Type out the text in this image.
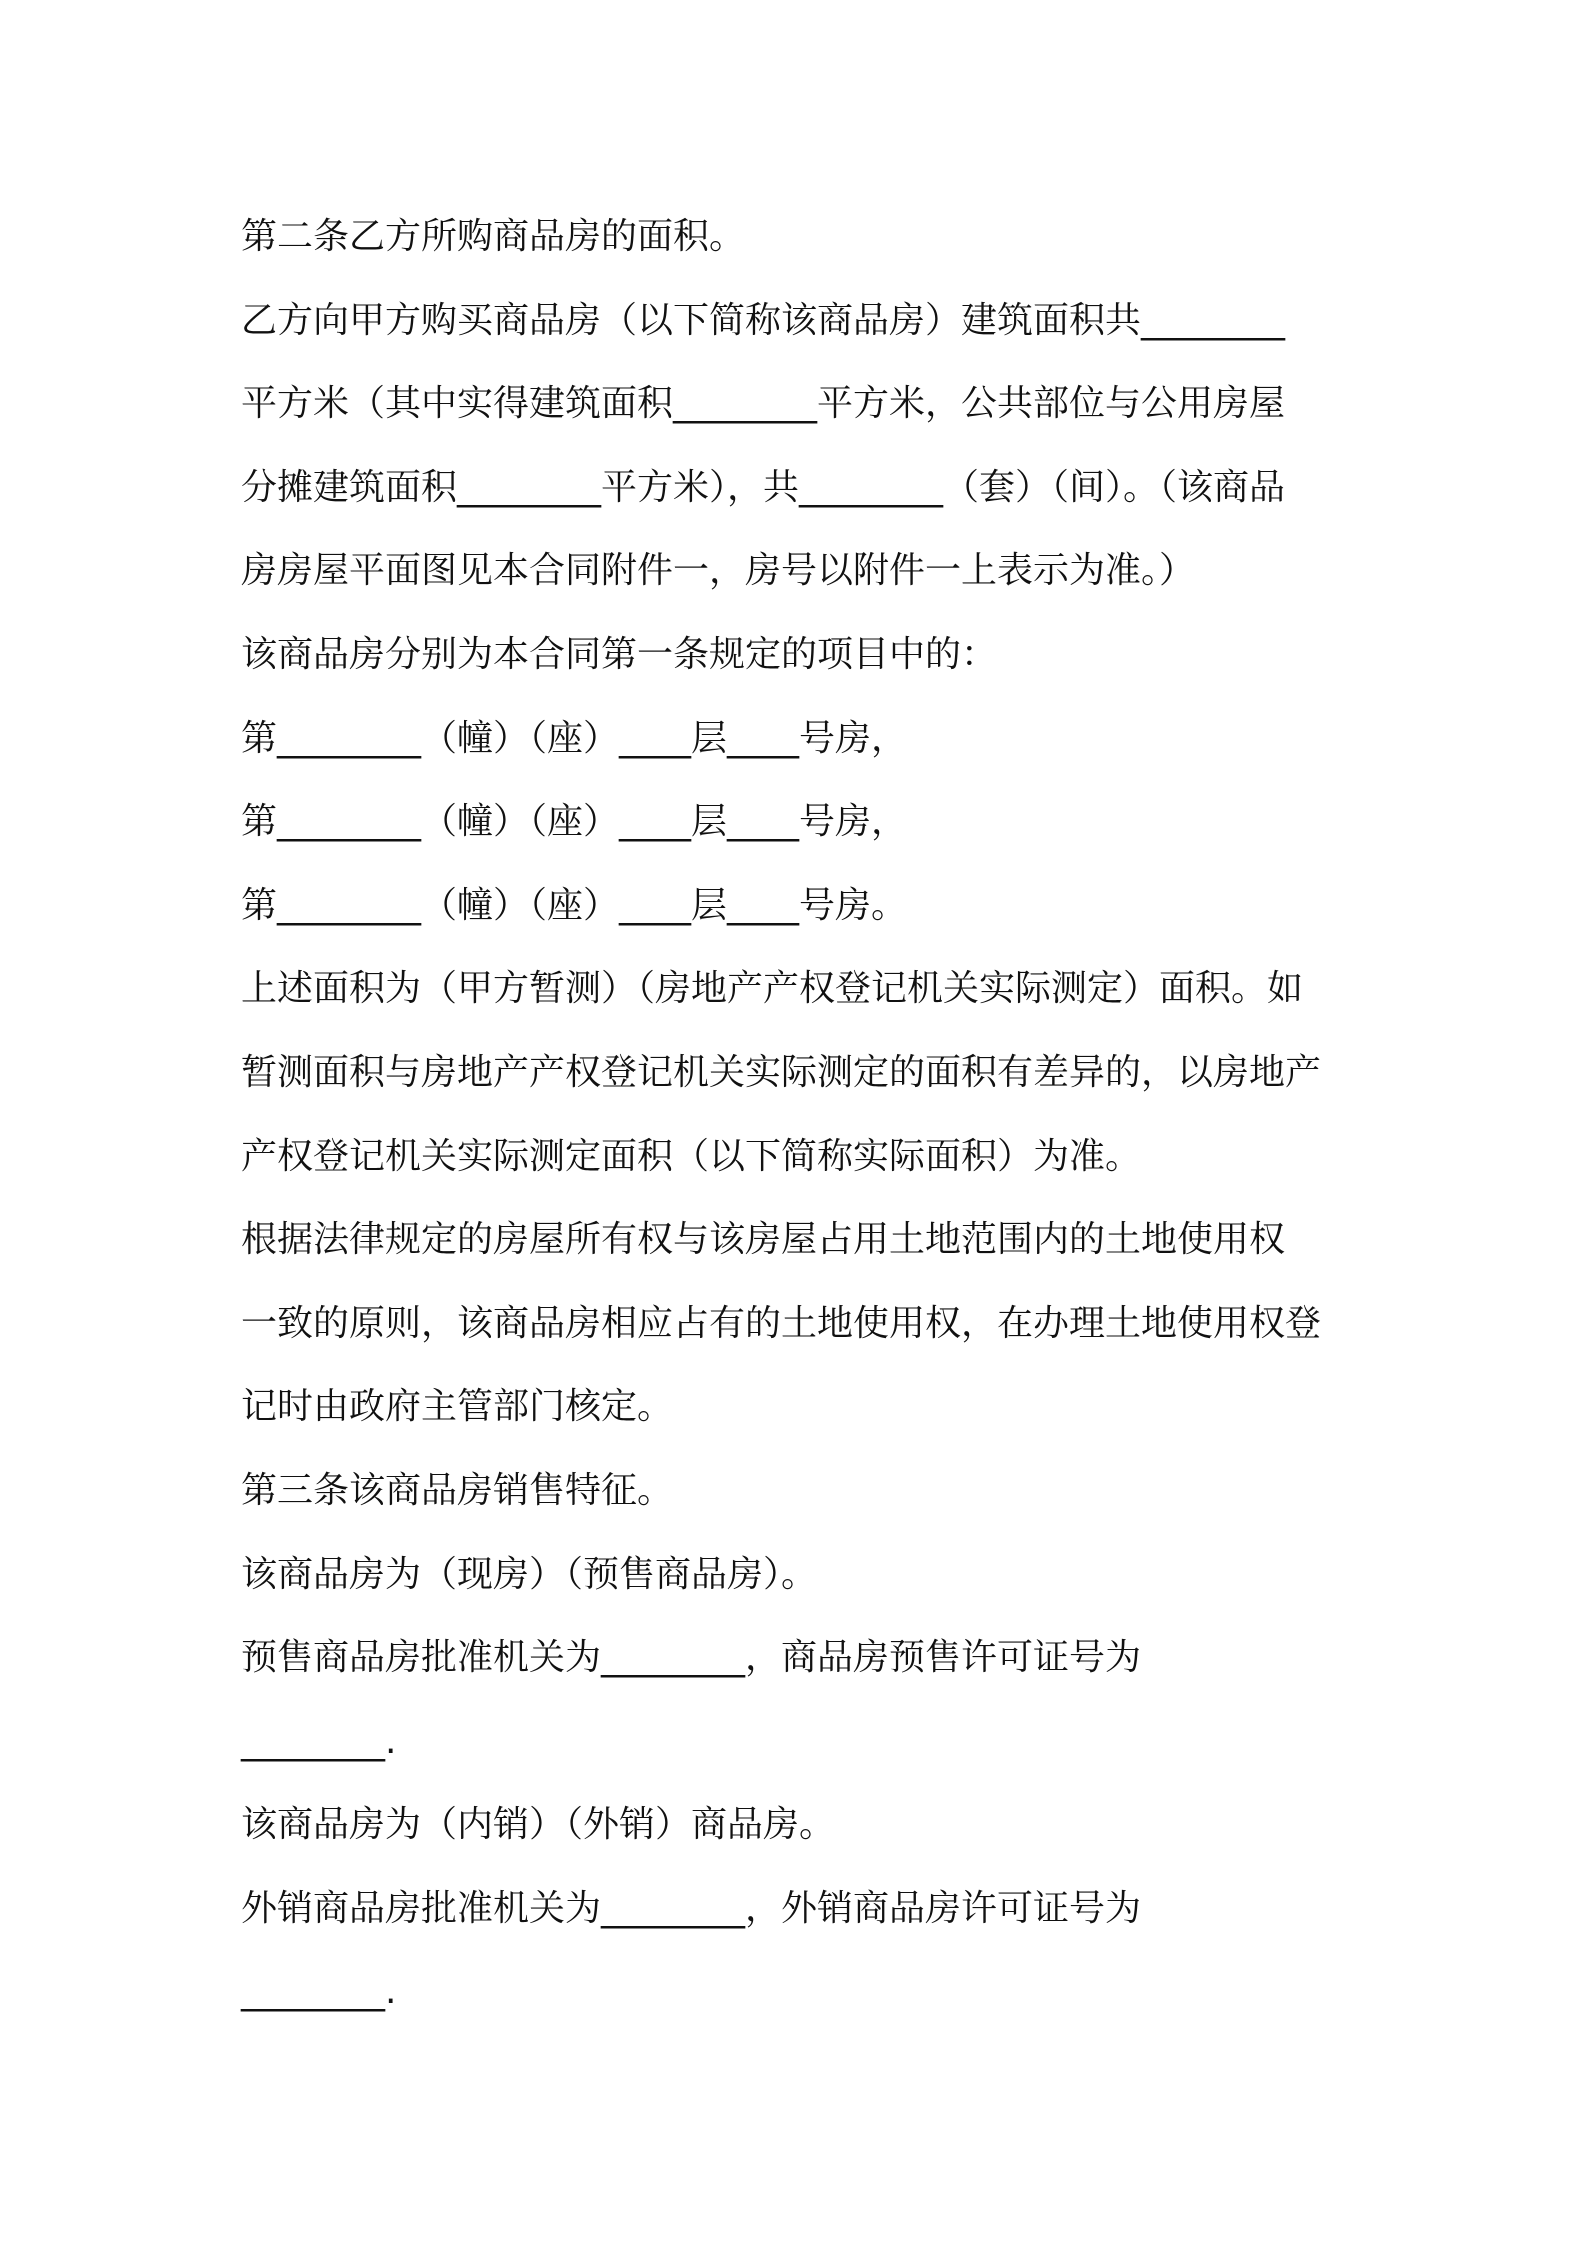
第二条乙方所购商品房的面积。
乙方向甲方购买商品房（以下简称该商品房）建筑面积共________
平方米（其中实得建筑面积________平方米，公共部位与公用房屋
分摊建筑面积________平方米），共________（套）（间）。（该商品
房房屋平面图见本合同附件一，房号以附件一上表示为准。）
该商品房分别为本合同第一条规定的项目中的：
第________（幢）（座）____层____号房，
第________（幢）（座）____层____号房，
第________（幢）（座）____层____号房。
上述面积为（甲方暂测）（房地产产权登记机关实际测定）面积。如
暂测面积与房地产产权登记机关实际测定的面积有差异的，以房地产
产权登记机关实际测定面积（以下简称实际面积）为准。
根据法律规定的房屋所有权与该房屋占用土地范围内的土地使用权
一致的原则，该商品房相应占有的土地使用权，在办理土地使用权登
记时由政府主管部门核定。
第三条该商品房销售特征。
该商品房为（现房）（预售商品房）。
预售商品房批准机关为________，商品房预售许可证号为
________.
该商品房为（内销）（外销）商品房。
外销商品房批准机关为________，外销商品房许可证号为
________.
